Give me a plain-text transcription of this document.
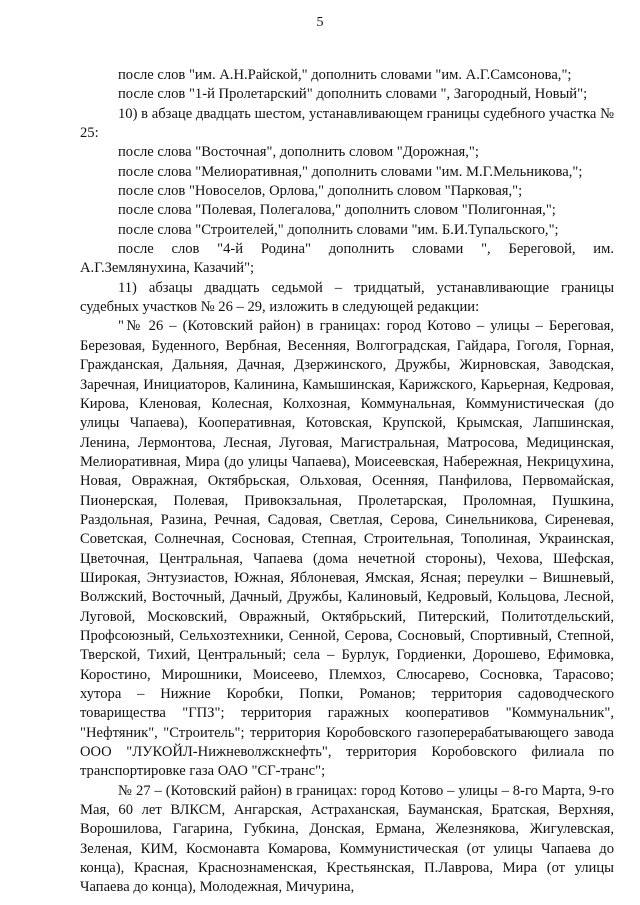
5

после слов "им. А.Н.Райской," дополнить словами "им. А.Г.Самсонова,";

после слов "1-й Пролетарский" дополнить словами ", Загородный, Новый";

10) в абзаце двадцать шестом, устанавливающем границы судебного участка № 25:

после слова "Восточная", дополнить словом "Дорожная,";

после слова "Мелиоративная," дополнить словами "им. М.Г.Мельникова,";

после слов "Новоселов, Орлова," дополнить словом "Парковая,";

после слова "Полевая, Полегалова," дополнить словом "Полигонная,";

после слова "Строителей," дополнить словами "им. Б.И.Тупальского,";

после слов "4-й Родина" дополнить словами ", Береговой, им. А.Г.Землянухина, Казачий";

11) абзацы двадцать седьмой – тридцатый, устанавливающие границы судебных участков № 26 – 29, изложить в следующей редакции:

"№ 26 – (Котовский район) в границах: город Котово – улицы – Береговая, Березовая, Буденного, Вербная, Весенняя, Волгоградская, Гайдара, Гоголя, Горная, Гражданская, Дальняя, Дачная, Дзержинского, Дружбы, Жирновская, Заводская, Заречная, Инициаторов, Калинина, Камышинская, Карижского, Карьерная, Кедровая, Кирова, Кленовая, Колесная, Колхозная, Коммунальная, Коммунистическая (до улицы Чапаева), Кооперативная, Котовская, Крупской, Крымская, Лапшинская, Ленина, Лермонтова, Лесная, Луговая, Магистральная, Матросова, Медицинская, Мелиоративная, Мира (до улицы Чапаева), Моисеевская, Набережная, Некрицухина, Новая, Овражная, Октябрьская, Ольховая, Осенняя, Панфилова, Первомайская, Пионерская, Полевая, Привокзальная, Пролетарская, Проломная, Пушкина, Раздольная, Разина, Речная, Садовая, Светлая, Серова, Синельникова, Сиреневая, Советская, Солнечная, Сосновая, Степная, Строительная, Тополиная, Украинская, Цветочная, Центральная, Чапаева (дома нечетной стороны), Чехова, Шефская, Широкая, Энтузиастов, Южная, Яблоневая, Ямская, Ясная; переулки – Вишневый, Волжский, Восточный, Дачный, Дружбы, Калиновый, Кедровый, Кольцова, Лесной, Луговой, Московский, Овражный, Октябрьский, Питерский, Политотдельский, Профсоюзный, Сельхозтехники, Сенной, Серова, Сосновый, Спортивный, Степной, Тверской, Тихий, Центральный; села – Бурлук, Гордиенки, Дорошево, Ефимовка, Коростино, Мирошники, Моисеево, Племхоз, Слюсарево, Сосновка, Тарасово; хутора – Нижние Коробки, Попки, Романов; территория садоводческого товарищества "ГПЗ"; территория гаражных кооперативов "Коммунальник", "Нефтяник", "Строитель"; территория Коробовского газоперерабатывающего завода ООО "ЛУКОЙЛ-Нижневолжскнефть", территория Коробовского филиала по транспортировке газа ОАО "СГ-транс";

№ 27 – (Котовский район) в границах: город Котово – улицы – 8-го Марта, 9-го Мая, 60 лет ВЛКСМ, Ангарская, Астраханская, Бауманская, Братская, Верхняя, Ворошилова, Гагарина, Губкина, Донская, Ермана, Железнякова, Жигулевская, Зеленая, КИМ, Космонавта Комарова, Коммунистическая (от улицы Чапаева до конца), Красная, Краснознаменская, Крестьянская, П.Лаврова, Мира (от улицы Чапаева до конца), Молодежная, Мичурина,
